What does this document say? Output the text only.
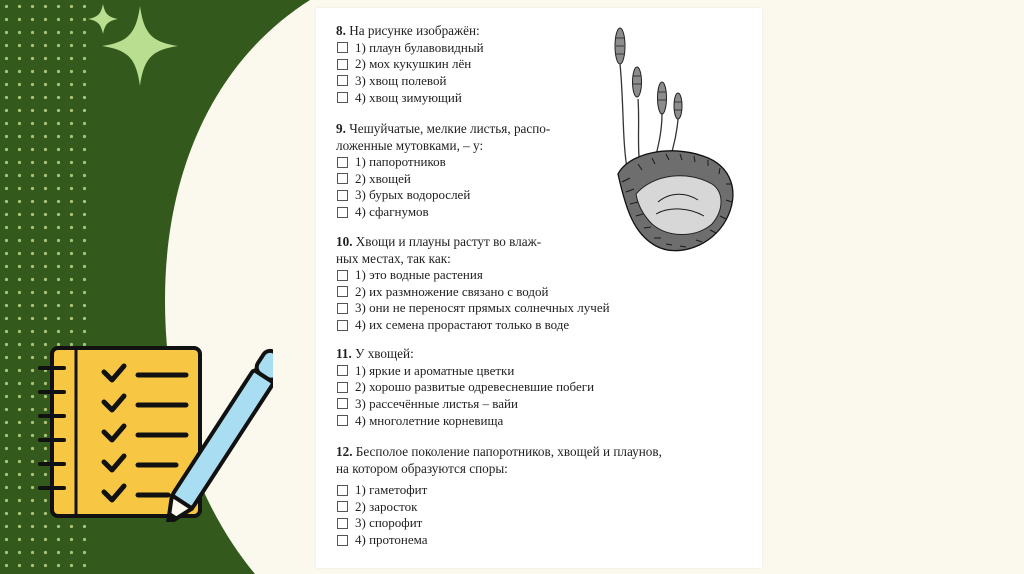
8. На рисунке изображён:

1) плаун булавовидный
2) мох кукушкин лён
3) хвощ полевой
4) хвощ зимующий

9. Чешуйчатые, мелкие листья, распо-

ложенные мутовками, – у:

1) папоротников
2) хвощей
3) бурых водорослей
4) сфагнумов

10. Хвощи и плауны растут во влаж-

ных местах, так как:

1) это водные растения
2) их размножение связано с водой
3) они не переносят прямых солнечных лучей
4) их семена прорастают только в воде

11. У хвощей:

1) яркие и ароматные цветки
2) хорошо развитые одревесневшие побеги
3) рассечённые листья – вайи
4) многолетние корневища

12. Бесполое поколение папоротников, хвощей и плаунов,

на котором образуются споры:

1) гаметофит
2) заросток
3) спорофит
4) протонема
